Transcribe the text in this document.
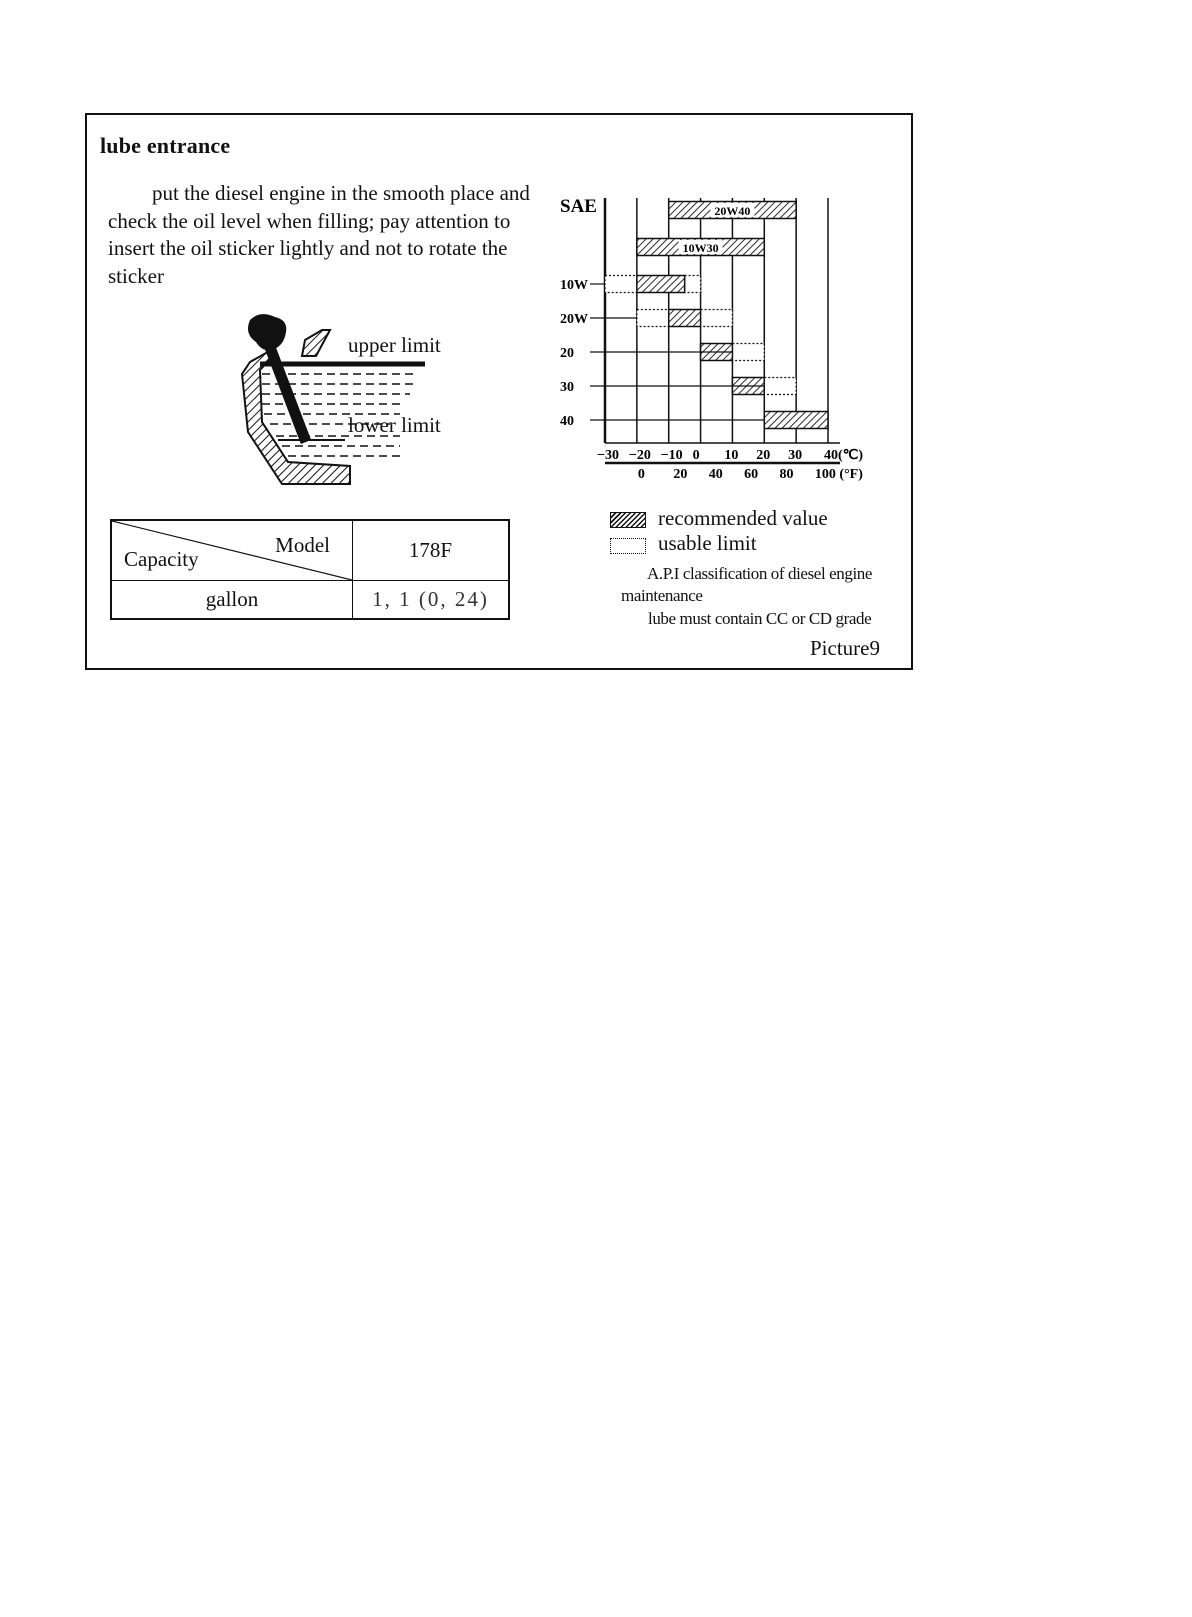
lube entrance
put the diesel engine in the smooth place and check the oil level when filling; pay attention to insert the oil sticker lightly and not to rotate the sticker
upper limit
lower limit
Model
Capacity	178F
gallon	1, 1 (0, 24)
20W40
10W30
SAE
10W
20W
20
30
40
−30 −20 −10 0 10 20 30 40(℃)
0 20 40 60 80 100 (°F)
recommended value
usable limit
A.P.I classification of diesel engine
maintenance
lube must contain CC or CD grade
Picture9
